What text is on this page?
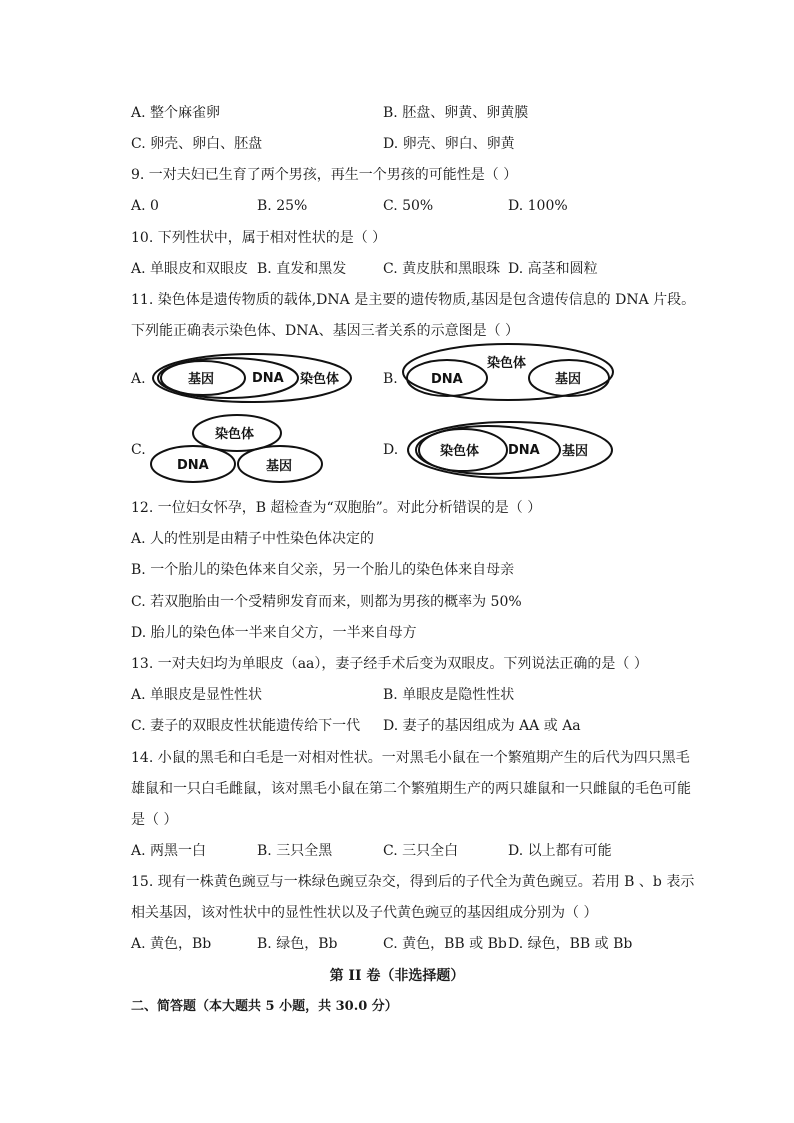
A. 整个麻雀卵	B. 胚盘、卵黄、卵黄膜
C. 卵壳、卵白、胚盘	D. 卵壳、卵白、卵黄
9. 一对夫妇已生育了两个男孩，再生一个男孩的可能性是（ ）
A. 0	B. 25%	C. 50%	D. 100%
10. 下列性状中，属于相对性状的是（ ）
A. 单眼皮和双眼皮 B. 直发和黑发	C. 黄皮肤和黑眼珠 D. 高茎和圆粒
11. 染色体是遗传物质的载体,DNA 是主要的遗传物质,基因是包含遗传信息的 DNA 片段。
下列能正确表示染色体、DNA、基因三者关系的示意图是（ ）
A.	B.
C.	D.
基因	DNA 染色体
染色体
DNA	基因
染色体
DNA	基因
染色体 DNA 基因
12. 一位妇女怀孕，B 超检查为“双胞胎”。对此分析错误的是（ ）
A. 人的性别是由精子中性染色体决定的
B. 一个胎儿的染色体来自父亲，另一个胎儿的染色体来自母亲
C. 若双胞胎由一个受精卵发育而来，则都为男孩的概率为 50%
D. 胎儿的染色体一半来自父方，一半来自母方
13. 一对夫妇均为单眼皮（aa），妻子经手术后变为双眼皮。下列说法正确的是（ ）
A. 单眼皮是显性性状	B. 单眼皮是隐性性状
C. 妻子的双眼皮性状能遗传给下一代 D. 妻子的基因组成为 AA 或 Aa
14. 小鼠的黑毛和白毛是一对相对性状。一对黑毛小鼠在一个繁殖期产生的后代为四只黑毛
雄鼠和一只白毛雌鼠，该对黑毛小鼠在第二个繁殖期生产的两只雄鼠和一只雌鼠的毛色可能
是（ ）
A. 两黑一白	B. 三只全黑	C. 三只全白	D. 以上都有可能
15. 现有一株黄色豌豆与一株绿色豌豆杂交，得到后的子代全为黄色豌豆。若用 B 、b 表示
相关基因，该对性状中的显性性状以及子代黄色豌豆的基因组成分别为（ ）
A. 黄色，Bb	B. 绿色，Bb	C. 黄色，BB 或 Bb D. 绿色，BB 或 Bb
第 II 卷（非选择题）
二、简答题（本大题共 5 小题，共 30.0 分）
